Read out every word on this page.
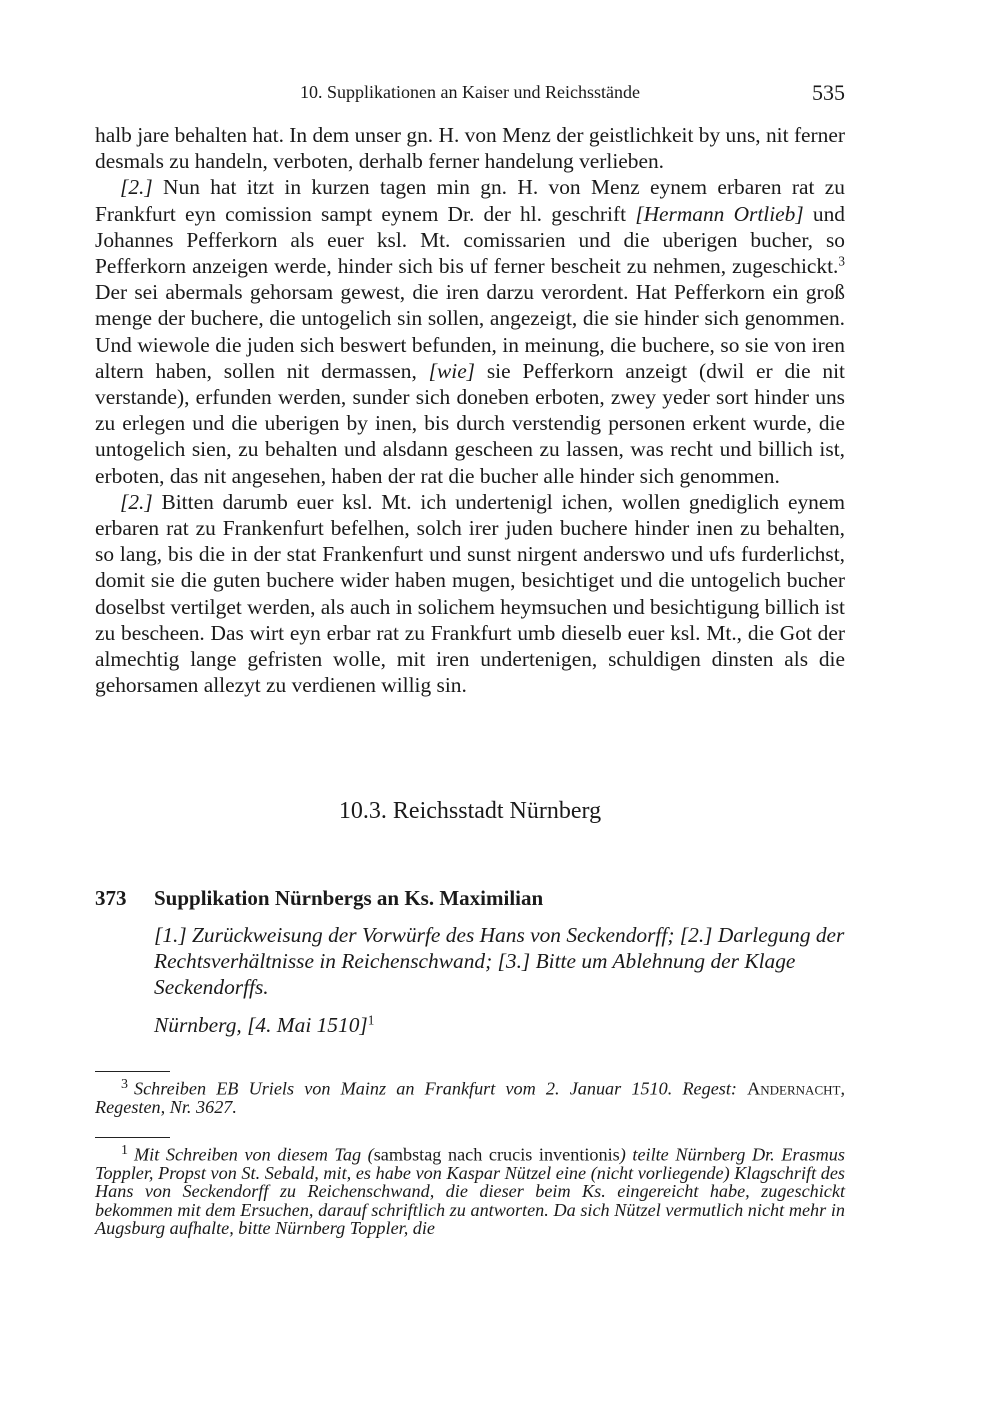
10. Supplikationen an Kaiser und Reichsstände	535

halb jare behalten hat. In dem unser gn. H. von Menz der geistlichkeit by uns, nit ferner desmals zu handeln, verboten, derhalb ferner handelung verlieben.

[2.] Nun hat itzt in kurzen tagen min gn. H. von Menz eynem erbaren rat zu Frankfurt eyn comission sampt eynem Dr. der hl. geschrift [Hermann Ortlieb] und Johannes Pefferkorn als euer ksl. Mt. comissarien und die uberigen bucher, so Pefferkorn anzeigen werde, hinder sich bis uf ferner bescheit zu nehmen, zugeschickt.$^3$ Der sei abermals gehorsam gewest, die iren darzu verordent. Hat Pefferkorn ein groß menge der buchere, die untogelich sin sollen, angezeigt, die sie hinder sich genommen. Und wiewole die juden sich beswert befunden, in meinung, die buchere, so sie von iren altern haben, sollen nit dermassen, [wie] sie Pefferkorn anzeigt (dwil er die nit verstande), erfunden werden, sunder sich doneben erboten, zwey yeder sort hinder uns zu erlegen und die uberigen by inen, bis durch verstendig personen erkent wurde, die untogelich sien, zu behalten und alsdann gescheen zu lassen, was recht und billich ist, erboten, das nit angesehen, haben der rat die bucher alle hinder sich genommen.

[2.] Bitten darumb euer ksl. Mt. ich undertenigl ichen, wollen gnediglich eynem erbaren rat zu Frankenfurt befelhen, solch irer juden buchere hinder inen zu behalten, so lang, bis die in der stat Frankenfurt und sunst nirgent anderswo und ufs furderlichst, domit sie die guten buchere wider haben mugen, besichtiget und die untogelich bucher doselbst vertilget werden, als auch in solichem heymsuchen und besichtigung billich ist zu bescheen. Das wirt eyn erbar rat zu Frankfurt umb dieselb euer ksl. Mt., die Got der almechtig lange gefristen wolle, mit iren undertenigen, schuldigen dinsten als die gehorsamen allezyt zu verdienen willig sin.

10.3. Reichsstadt Nürnberg
373 Supplikation Nürnbergs an Ks. Maximilian
[1.] Zurückweisung der Vorwürfe des Hans von Seckendorff; [2.] Darlegung der Rechtsverhältnisse in Reichenschwand; [3.] Bitte um Ablehnung der Klage Seckendorffs.
Nürnberg, [4. Mai 1510]$^1$
$^3$ Schreiben EB Uriels von Mainz an Frankfurt vom 2. Januar 1510. Regest: Andernacht, Regesten, Nr. 3627.
$^1$ Mit Schreiben von diesem Tag (sambstag nach crucis inventionis) teilte Nürnberg Dr. Erasmus Toppler, Propst von St. Sebald, mit, es habe von Kaspar Nützel eine (nicht vorliegende) Klagschrift des Hans von Seckendorff zu Reichenschwand, die dieser beim Ks. eingereicht habe, zugeschickt bekommen mit dem Ersuchen, darauf schriftlich zu antworten. Da sich Nützel vermutlich nicht mehr in Augsburg aufhalte, bitte Nürnberg Toppler, die
